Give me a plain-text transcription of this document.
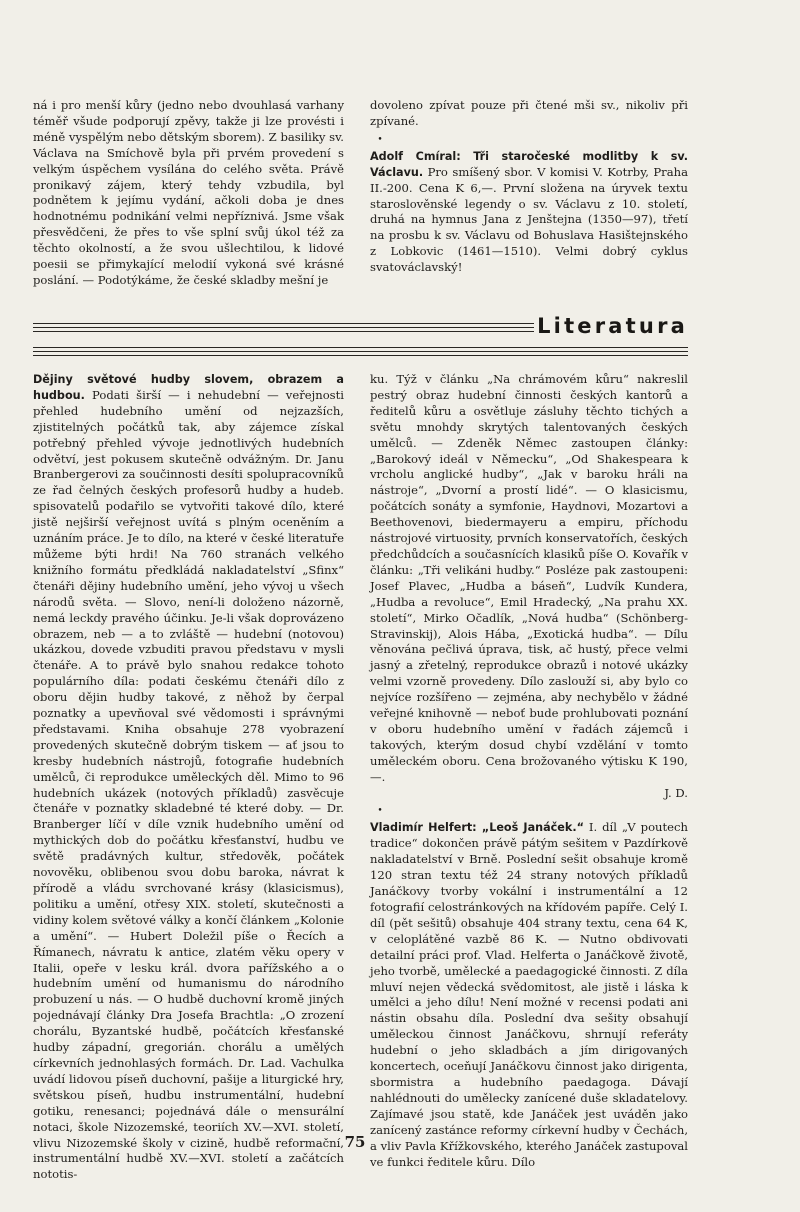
ná i pro menší kůry (jedno nebo dvouhlasá varhany téměř všude podporují zpěvy, takže ji lze provésti i méně vyspělým nebo dětským sborem). Z basiliky sv. Václava na Smíchově byla při prvém provedení s velkým úspěchem vysílána do celého světa. Právě pronikavý zájem, který tehdy vzbudila, byl podnětem k jejímu vydání, ačkoli doba je dnes hodnotnému podnikání velmi nepříznivá. Jsme však přesvědčeni, že přes to vše splní svůj úkol též za těchto okolností, a že svou ušlechtilou, k lidové poesii se přimykající melodií vykoná své krásné poslání. — Podotýkáme, že české skladby mešní je

dovoleno zpívat pouze při čtené mši sv., nikoliv při zpívané.

•

Adolf Cmíral: Tři staročeské modlitby k sv. Václavu. Pro smíšený sbor. V komisi V. Kotrby, Praha II.-200. Cena K 6,—. První složena na úryvek textu staroslověnské legendy o sv. Václavu z 10. století, druhá na hymnus Jana z Jenštejna (1350—97), třetí na prosbu k sv. Václavu od Bohuslava Hasištejnského z Lobkovic (1461—1510). Velmi dobrý cyklus svatováclavský!

Literatura

Dějiny světové hudby slovem, obrazem a hudbou. Podati širší — i nehudební — veřejnosti přehled hudebního umění od nejzazších, zjistitelných počátků tak, aby zájemce získal potřebný přehled vývoje jednotlivých hudebních odvětví, jest pokusem skutečně odvážným. Dr. Janu Branbergerovi za součinnosti desíti spolupracovníků ze řad čelných českých profesorů hudby a hudeb. spisovatelů podařilo se vytvořiti takové dílo, které jistě nejširší veřejnost uvítá s plným oceněním a uznáním práce. Je to dílo, na které v české literatuře můžeme býti hrdi! Na 760 stranách velkého knižního formátu předkládá nakladatelství „Sfinx“ čtenáři dějiny hudebního umění, jeho vývoj u všech národů světa. — Slovo, není-li doloženo názorně, nemá leckdy pravého účinku. Je-li však doprovázeno obrazem, neb — a to zvláště — hudební (notovou) ukázkou, dovede vzbuditi pravou představu v mysli čtenáře. A to právě bylo snahou redakce tohoto populárního díla: podati českému čtenáři dílo z oboru dějin hudby takové, z něhož by čerpal poznatky a upevňoval své vědomosti i správnými představami. Kniha obsahuje 278 vyobrazení provedených skutečně dobrým tiskem — ať jsou to kresby hudebních nástrojů, fotografie hudebních umělců, či reprodukce uměleckých děl. Mimo to 96 hudebních ukázek (notových příkladů) zasvěcuje čtenáře v poznatky skladebné té které doby. — Dr. Branberger líčí v díle vznik hudebního umění od mythických dob do počátku křesťanství, hudbu ve světě pradávných kultur, středověk, počátek novověku, oblibenou svou dobu baroka, návrat k přírodě a vládu svrchované krásy (klasicismus), politiku a umění, otřesy XIX. století, skutečnosti a vidiny kolem světové války a končí článkem „Kolonie a umění“. — Hubert Doležil píše o Řecích a Římanech, návratu k antice, zlatém věku opery v Italii, opeře v lesku král. dvora pařížského a o hudebním umění od humanismu do národního probuzení u nás. — O hudbě duchovní kromě jiných pojednávají články Dra Josefa Brachtla: „O zrození chorálu, Byzantské hudbě, počátcích křesťanské hudby západní, gregorián. chorálu a umělých církevních jednohlasých formách. Dr. Lad. Vachulka uvádí lidovou píseň duchovní, pašije a liturgické hry, světskou píseň, hudbu instrumentální, hudební gotiku, renesanci; pojednává dále o mensurální notaci, škole Nizozemské, teoriích XV.—XVI. století, vlivu Nizozemské školy v cizině, hudbě reformační, instrumentální hudbě XV.—XVI. století a začátcích nototis-

ku. Týž v článku „Na chrámovém kůru“ nakreslil pestrý obraz hudební činnosti českých kantorů a ředitelů kůru a osvětluje zásluhy těchto tichých a světu mnohdy skrytých talentovaných českých umělců. — Zdeněk Němec zastoupen články: „Barokový ideál v Německu“, „Od Shakespeara k vrcholu anglické hudby“, „Jak v baroku hráli na nástroje“, „Dvorní a prostí lidé“. — O klasicismu, počátcích sonáty a symfonie, Haydnovi, Mozartovi a Beethovenovi, biedermayeru a empiru, příchodu nástrojové virtuosity, prvních konservatořích, českých předchůdcích a současnících klasiků píše O. Kovařík v článku: „Tři velikáni hudby.“ Posléze pak zastoupeni: Josef Plavec, „Hudba a báseň“, Ludvík Kundera, „Hudba a revoluce“, Emil Hradecký, „Na prahu XX. století“, Mirko Očadlík, „Nová hudba“ (Schönberg-Stravinskij), Alois Hába, „Exotická hudba“. — Dílu věnována pečlivá úprava, tisk, ač hustý, přece velmi jasný a zřetelný, reprodukce obrazů i notové ukázky velmi vzorně provedeny. Dílo zaslouží si, aby bylo co nejvíce rozšířeno — zejména, aby nechybělo v žádné veřejné knihovně — neboť bude prohlubovati poznání v oboru hudebního umění v řadách zájemců i takových, kterým dosud chybí vzdělání v tomto uměleckém oboru. Cena brožovaného výtisku K 190,—.

J. D.
•

Vladimír Helfert: „Leoš Janáček.“ I. díl „V poutech tradice“ dokončen právě pátým sešitem v Pazdírkově nakladatelství v Brně. Poslední sešit obsahuje kromě 120 stran textu též 24 strany notových příkladů Janáčkovy tvorby vokální i instrumentální a 12 fotografií celostránkových na křídovém papíře. Celý I. díl (pět sešitů) obsahuje 404 strany textu, cena 64 K, v celoplátěné vazbě 86 K. — Nutno obdivovati detailní práci prof. Vlad. Helferta o Janáčkově životě, jeho tvorbě, umělecké a paedagogické činnosti. Z díla mluví nejen vědecká svědomitost, ale jistě i láska k umělci a jeho dílu! Není možné v recensi podati ani nástin obsahu díla. Poslední dva sešity obsahují uměleckou činnost Janáčkovu, shrnují referáty hudební o jeho skladbách a jím dirigovaných koncertech, oceňují Janáčkovu činnost jako dirigenta, sbormistra a hudebního paedagoga. Dávají nahlédnouti do umělecky zanícené duše skladatelovy. Zajímavé jsou statě, kde Janáček jest uváděn jako zanícený zastánce reformy církevní hudby v Čechách, a vliv Pavla Křížkovského, kterého Janáček zastupoval ve funkci ředitele kůru. Dílo

75
